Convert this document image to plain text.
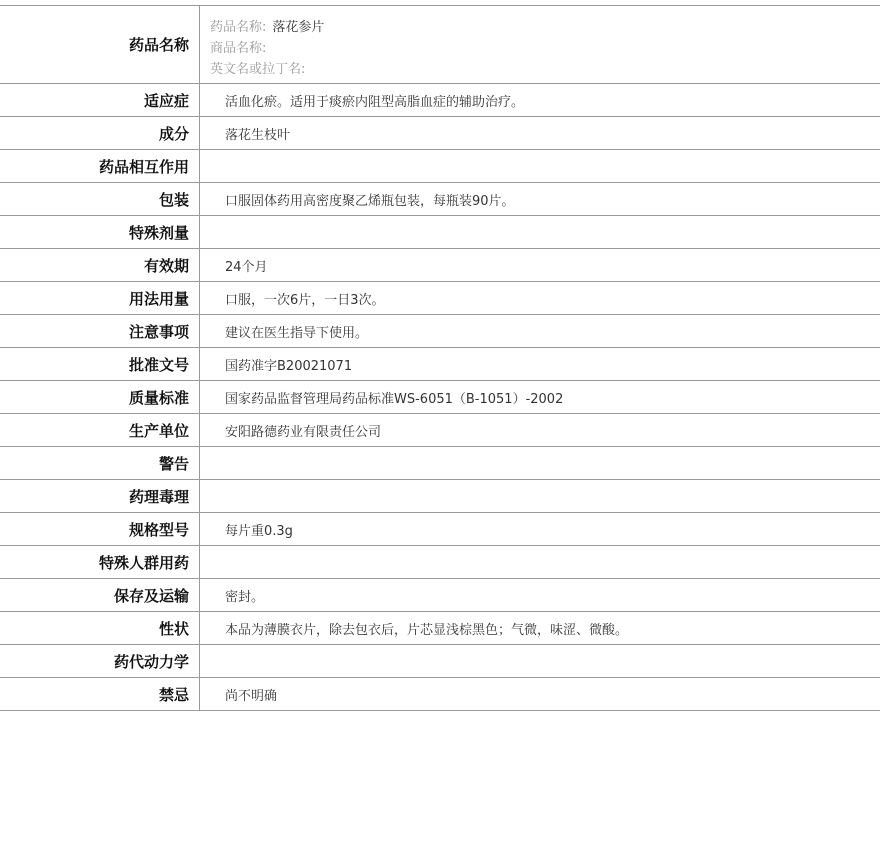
药品名称
药品名称: 落花参片
商品名称:
英文名或拉丁名:
适应症	活血化瘀。适用于痰瘀内阻型高脂血症的辅助治疗。
成分	落花生枝叶
药品相互作用
包装	口服固体药用高密度聚乙烯瓶包装，每瓶装90片。
特殊剂量
有效期	24个月
用法用量	口服，一次6片，一日3次。
注意事项	建议在医生指导下使用。
批准文号	国药准字B20021071
质量标准	国家药品监督管理局药品标准WS-6051（B-1051）-2002
生产单位	安阳路德药业有限责任公司
警告
药理毒理
规格型号	每片重0.3g
特殊人群用药
保存及运输	密封。
性状	本品为薄膜衣片，除去包衣后，片芯显浅棕黑色；气微，味涩、微酸。
药代动力学
禁忌	尚不明确
